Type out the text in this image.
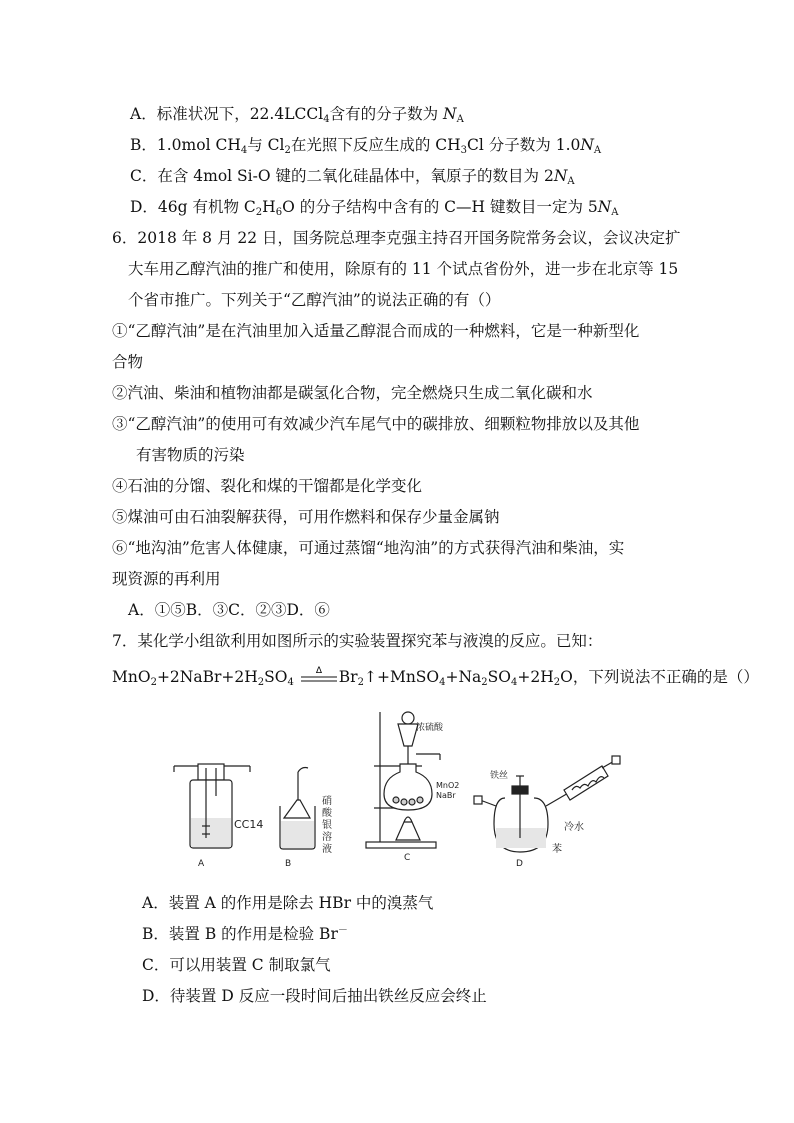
A．标准状况下，22.4LCCl$_4$含有的分子数为 $N_A$
B．1.0mol $CH_4$与 $Cl_2$在光照下反应生成的 $CH_3Cl$ 分子数为 $1.0N_A$
C．在含 4mol Si-O 键的二氧化硅晶体中，氧原子的数目为 $2N_A$
D．46g 有机物 $C_2H_6O$ 的分子结构中含有的 C—H 键数目一定为 $5N_A$
6．2018 年 8 月 22 日，国务院总理李克强主持召开国务院常务会议，会议决定扩
大车用乙醇汽油的推广和使用，除原有的 11 个试点省份外，进一步在北京等 15
个省市推广。下列关于“乙醇汽油”的说法正确的有（）
①“乙醇汽油”是在汽油里加入适量乙醇混合而成的一种燃料，它是一种新型化
合物
②汽油、柴油和植物油都是碳氢化合物，完全燃烧只生成二氧化碳和水
③“乙醇汽油”的使用可有效减少汽车尾气中的碳排放、细颗粒物排放以及其他
有害物质的污染
④石油的分馏、裂化和煤的干馏都是化学变化
⑤煤油可由石油裂解获得，可用作燃料和保存少量金属钠
⑥“地沟油”危害人体健康，可通过蒸馏“地沟油”的方式获得汽油和柴油，实
现资源的再利用
A．①⑤B．③C．②③D．⑥
7．某化学小组欲利用如图所示的实验装置探究苯与液溴的反应。已知：
$MnO_2+2NaBr+2H_2SO_4$
Δ $Br_2↑+MnSO_4+Na_2SO_4+2H_2O$，下列说法不正确的是（）
CC14
A
硝 酸 银 溶 液
B
浓硫酸
MnO2
NaBr
C
铁丝
冷水
苯
D
A．装置 A 的作用是除去 HBr 中的溴蒸气
B．装置 B 的作用是检验 Br－
C．可以用装置 C 制取氯气
D．待装置 D 反应一段时间后抽出铁丝反应会终止
